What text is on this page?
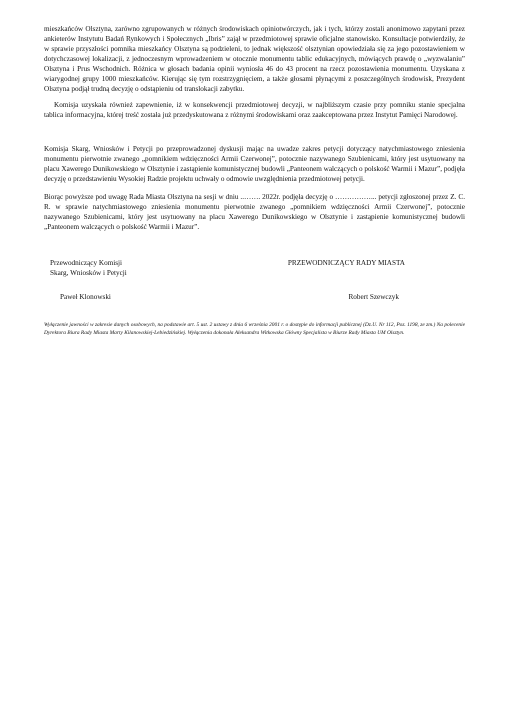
mieszkańców Olsztyna, zarówno zgrupowanych w różnych środowiskach opiniotwórczych, jak i tych, którzy zostali anonimowo zapytani przez ankieterów Instytutu Badań Rynkowych i Społecznych „Ibris” zajął w przedmiotowej sprawie oficjalne stanowisko. Konsultacje potwierdziły, że w sprawie przyszłości pomnika mieszkańcy Olsztyna są podzieleni, to jednak większość olsztynian opowiedziała się za jego pozostawieniem w dotychczasowej lokalizacji, z jednoczesnym wprowadzeniem w otocznie monumentu tablic edukacyjnych, mówiących prawdę o „wyzwalaniu” Olsztyna i Prus Wschodnich. Różnica w głosach badania opinii wyniosła 46 do 43 procent na rzecz pozostawienia monumentu. Uzyskana z wiarygodnej grupy 1000 mieszkańców. Kierując się tym rozstrzygnięciem, a także głosami płynącymi z poszczególnych środowisk, Prezydent Olsztyna podjął trudną decyzję o odstąpieniu od translokacji zabytku.

Komisja uzyskała również zapewnienie, iż w konsekwencji przedmiotowej decyzji, w najbliższym czasie przy pomniku stanie specjalna tablica informacyjna, której treść została już przedyskutowana z różnymi środowiskami oraz zaakceptowana przez Instytut Pamięci Narodowej.

Komisja Skarg, Wniosków i Petycji po przeprowadzonej dyskusji mając na uwadze zakres petycji dotyczący natychmiastowego zniesienia monumentu pierwotnie zwanego „pomnikiem wdzięczności Armii Czerwonej”, potocznie nazywanego Szubienicami, który jest usytuowany na placu Xawerego Dunikowskiego w Olsztynie i zastąpienie komunistycznej budowli „Panteonem walczących o polskość Warmii i Mazur”, podjęła decyzję o przedstawieniu Wysokiej Radzie projektu uchwały o odmowie uwzględnienia przedmiotowej petycji.

Biorąc powyższe pod uwagę Rada Miasta Olsztyna na sesji w dniu ..……. 2022r. podjęła decyzję o ……………... petycji zgłoszonej przez Z. C. R. w sprawie natychmiastowego zniesienia monumentu pierwotnie zwanego „pomnikiem wdzięczności Armii Czerwonej”, potocznie nazywanego Szubienicami, który jest usytuowany na placu Xawerego Dunikowskiego w Olsztynie i zastąpienie komunistycznej budowli „Panteonem walczących o polskość Warmii i Mazur”.

Przewodniczący Komisji
Skarg, Wniosków i Petycji
PRZEWODNICZĄCY RADY MIASTA
Paweł Klonowski	Robert Szewczyk

Wyłączenie jawności w zakresie danych osobowych, na podstawie art. 5 ust. 2 ustawy z dnia 6 września 2001 r. o dostępie do informacji publicznej (Dz.U. Nr 112, Poz. 1198, ze zm.) Na polecenie Dyrektora Biura Rady Miasta Marty Kilanowskiej-Lebiedzińskiej. Wyłączenia dokonała Aleksandra Witkowska Główny Specjalista w Biurze Rady Miasta UM Olsztyn.
